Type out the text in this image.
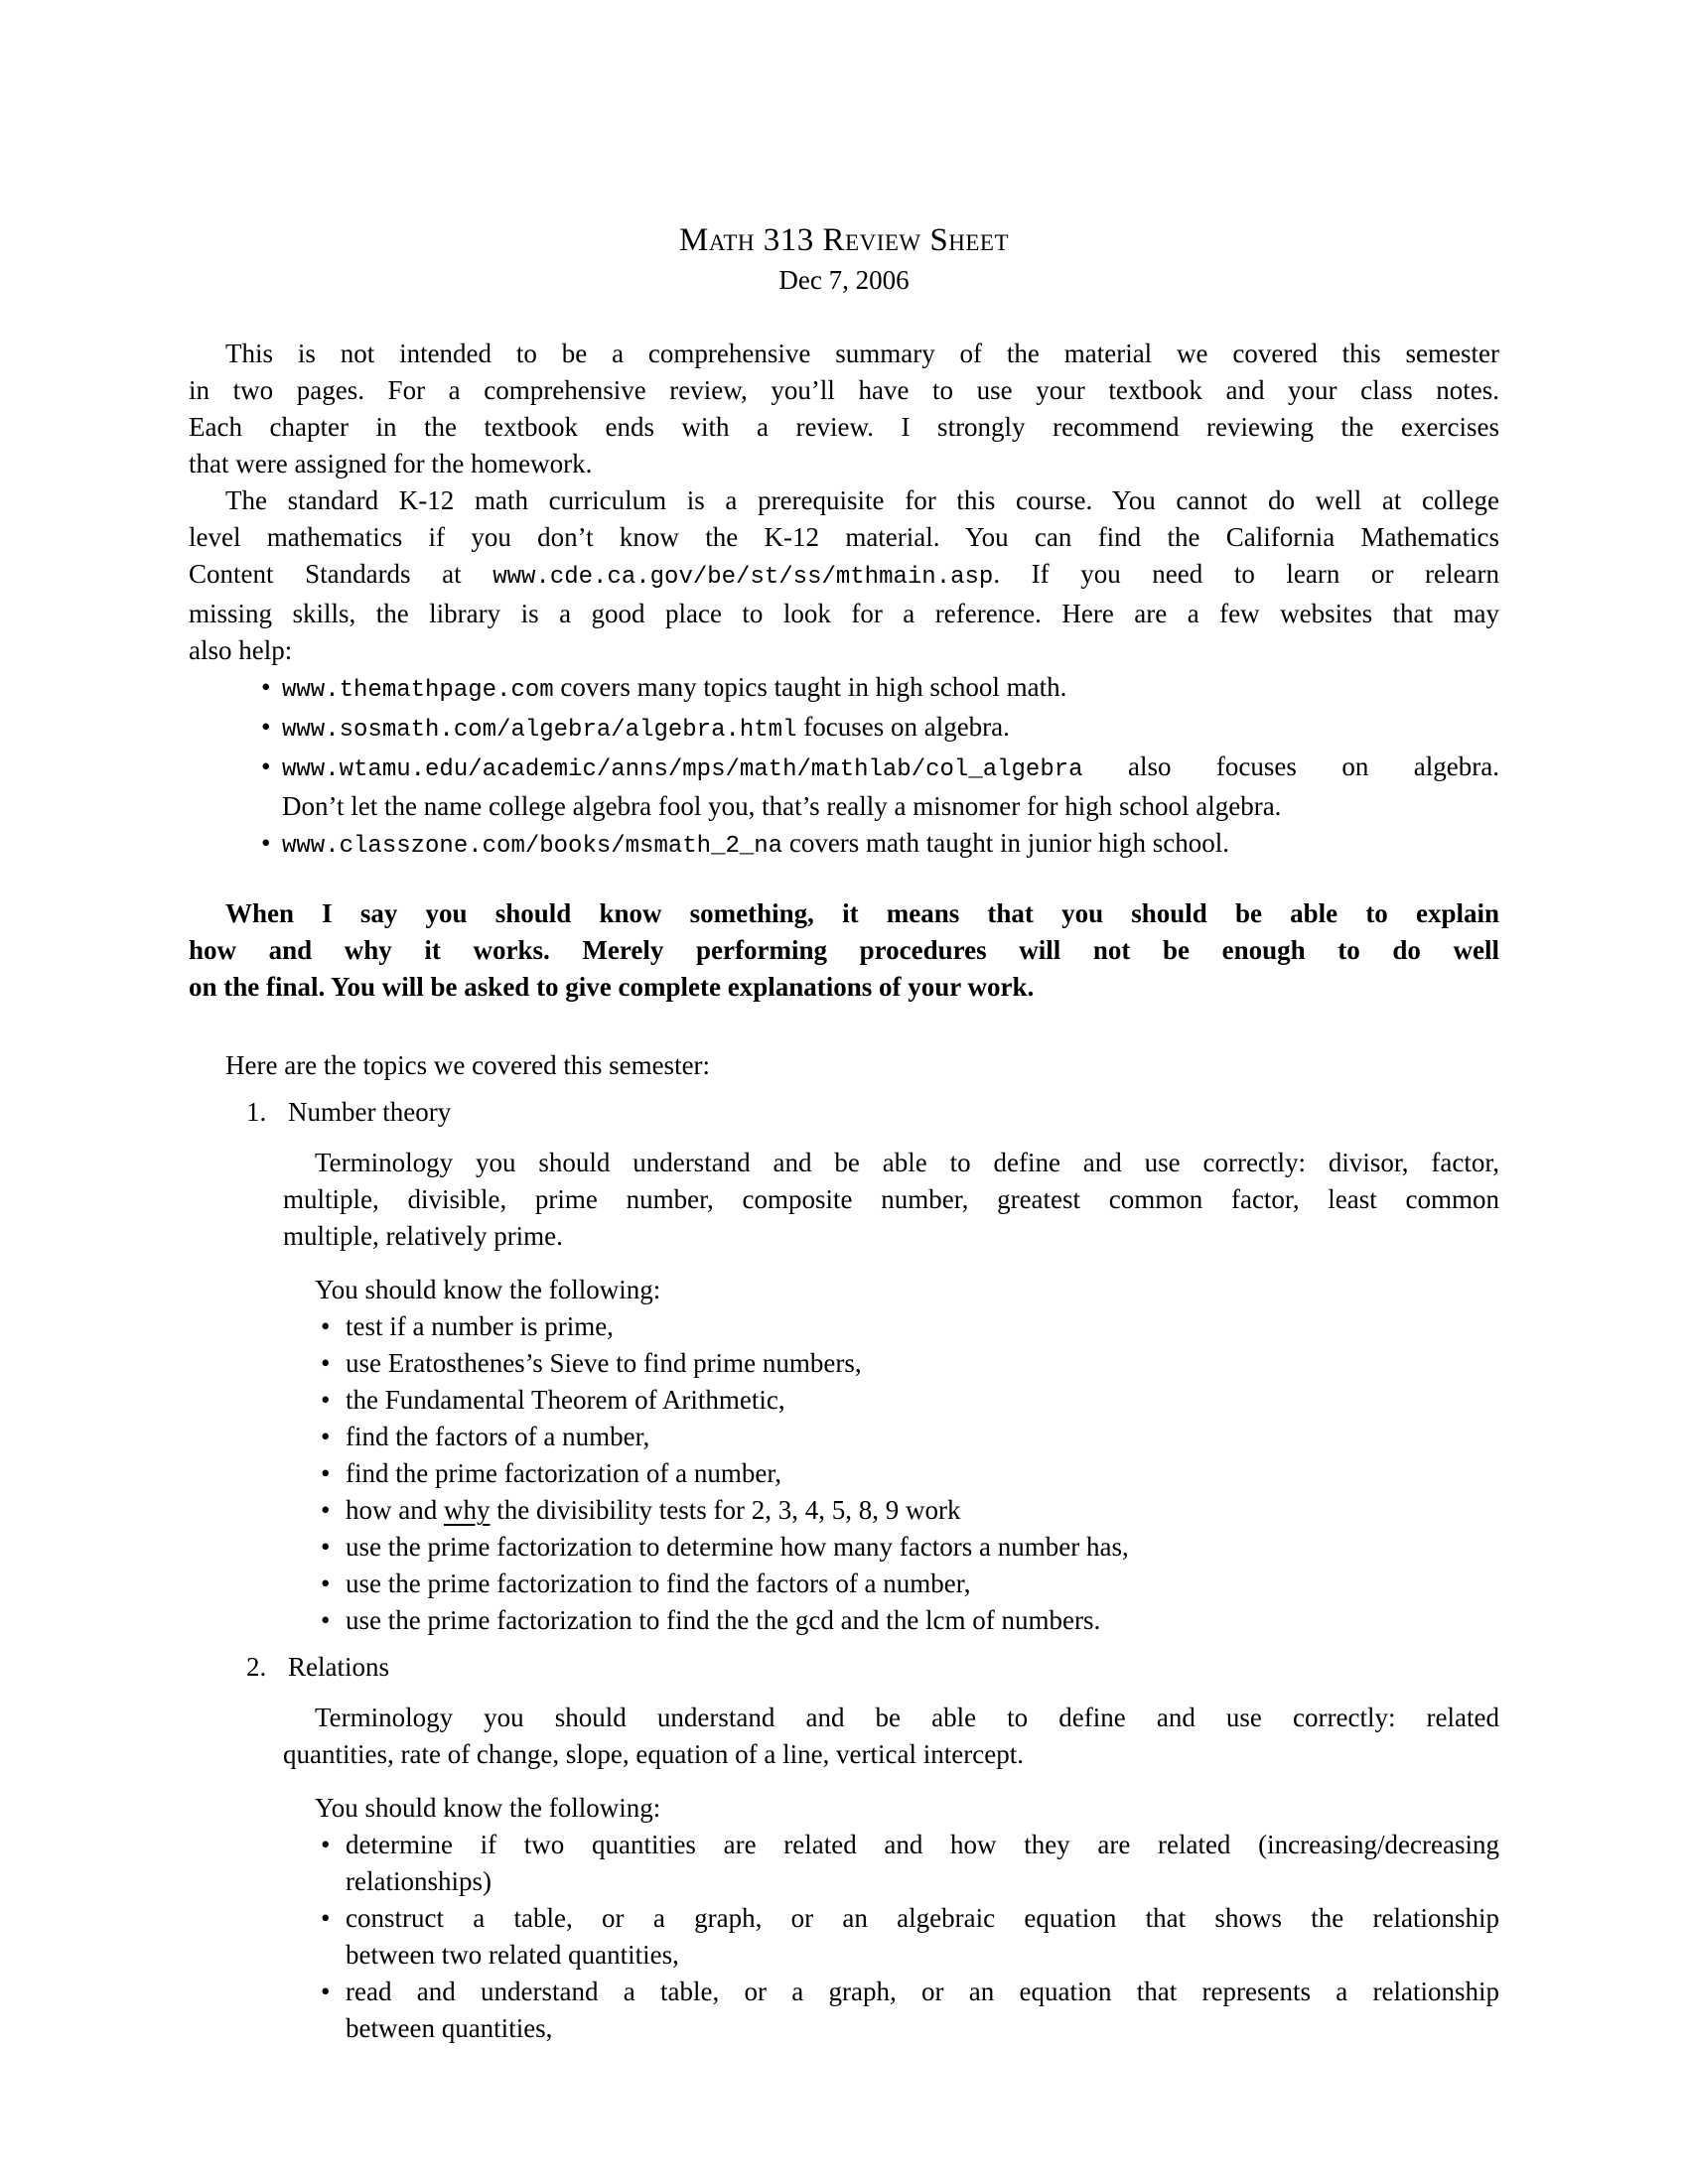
Math 313 Review Sheet
Dec 7, 2006
This is not intended to be a comprehensive summary of the material we covered this semester
in two pages. For a comprehensive review, you’ll have to use your textbook and your class notes.
Each chapter in the textbook ends with a review. I strongly recommend reviewing the exercises
that were assigned for the homework.
The standard K-12 math curriculum is a prerequisite for this course. You cannot do well at college
level mathematics if you don’t know the K-12 material. You can find the California Mathematics
Content Standards at www.cde.ca.gov/be/st/ss/mthmain.asp. If you need to learn or relearn
missing skills, the library is a good place to look for a reference. Here are a few websites that may
also help:
• www.themathpage.com covers many topics taught in high school math.
• www.sosmath.com/algebra/algebra.html focuses on algebra.
• www.wtamu.edu/academic/anns/mps/math/mathlab/col_algebra also focuses on algebra.
Don’t let the name college algebra fool you, that’s really a misnomer for high school algebra.
• www.classzone.com/books/msmath_2_na covers math taught in junior high school.
When I say you should know something, it means that you should be able to explain
how and why it works. Merely performing procedures will not be enough to do well
on the final. You will be asked to give complete explanations of your work.
Here are the topics we covered this semester:
1. Number theory
Terminology you should understand and be able to define and use correctly: divisor, factor,
multiple, divisible, prime number, composite number, greatest common factor, least common
multiple, relatively prime.
You should know the following:
• test if a number is prime,
• use Eratosthenes’s Sieve to find prime numbers,
• the Fundamental Theorem of Arithmetic,
• find the factors of a number,
• find the prime factorization of a number,
• how and why the divisibility tests for 2, 3, 4, 5, 8, 9 work
• use the prime factorization to determine how many factors a number has,
• use the prime factorization to find the factors of a number,
• use the prime factorization to find the the gcd and the lcm of numbers.
2. Relations
Terminology you should understand and be able to define and use correctly: related
quantities, rate of change, slope, equation of a line, vertical intercept.
You should know the following:
• determine if two quantities are related and how they are related (increasing/decreasing
relationships)
• construct a table, or a graph, or an algebraic equation that shows the relationship
between two related quantities,
• read and understand a table, or a graph, or an equation that represents a relationship
between quantities,
